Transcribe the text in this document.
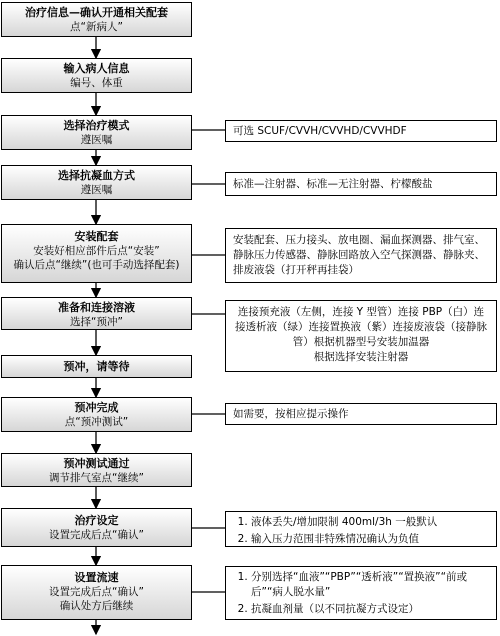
治疗信息—确认开通相关配套
点“新病人”
输入病人信息
编号、体重
选择治疗模式
遵医嘱
选择抗凝血方式
遵医嘱
安装配套
安装好相应部件后点“安装”
确认后点“继续”(也可手动选择配套)
准备和连接溶液
选择“预冲”
预冲，请等待
预冲完成
点“预冲测试”
预冲测试通过
调节排气室点“继续”
治疗设定
设置完成后点“确认”
设置流速
设置完成后点“确认”
确认处方后继续
可选 SCUF/CVVH/CVVHD/CVVHDF
标准—注射器、标准—无注射器、柠檬酸盐
安装配套、压力接头、放电圈、漏血探测器、排气室、静脉压力传感器、静脉回路放入空气探测器、静脉夹、排废液袋（打开秤再挂袋）
连接预充液（左侧，连接 Y 型管）连接 PBP（白）连接透析液（绿）连接置换液（紫）连接废液袋（接静脉管）根据机器型号安装加温器
根据选择安装注射器
如需要，按相应提示操作
1. 液体丢失/增加限制 400ml/3h 一般默认
2. 输入压力范围非特殊情况确认为负值
1. 分别选择“血液”“PBP”“透析液”“置换液”“前或后”“病人脱水量”
2. 抗凝血剂量（以不同抗凝方式设定）
